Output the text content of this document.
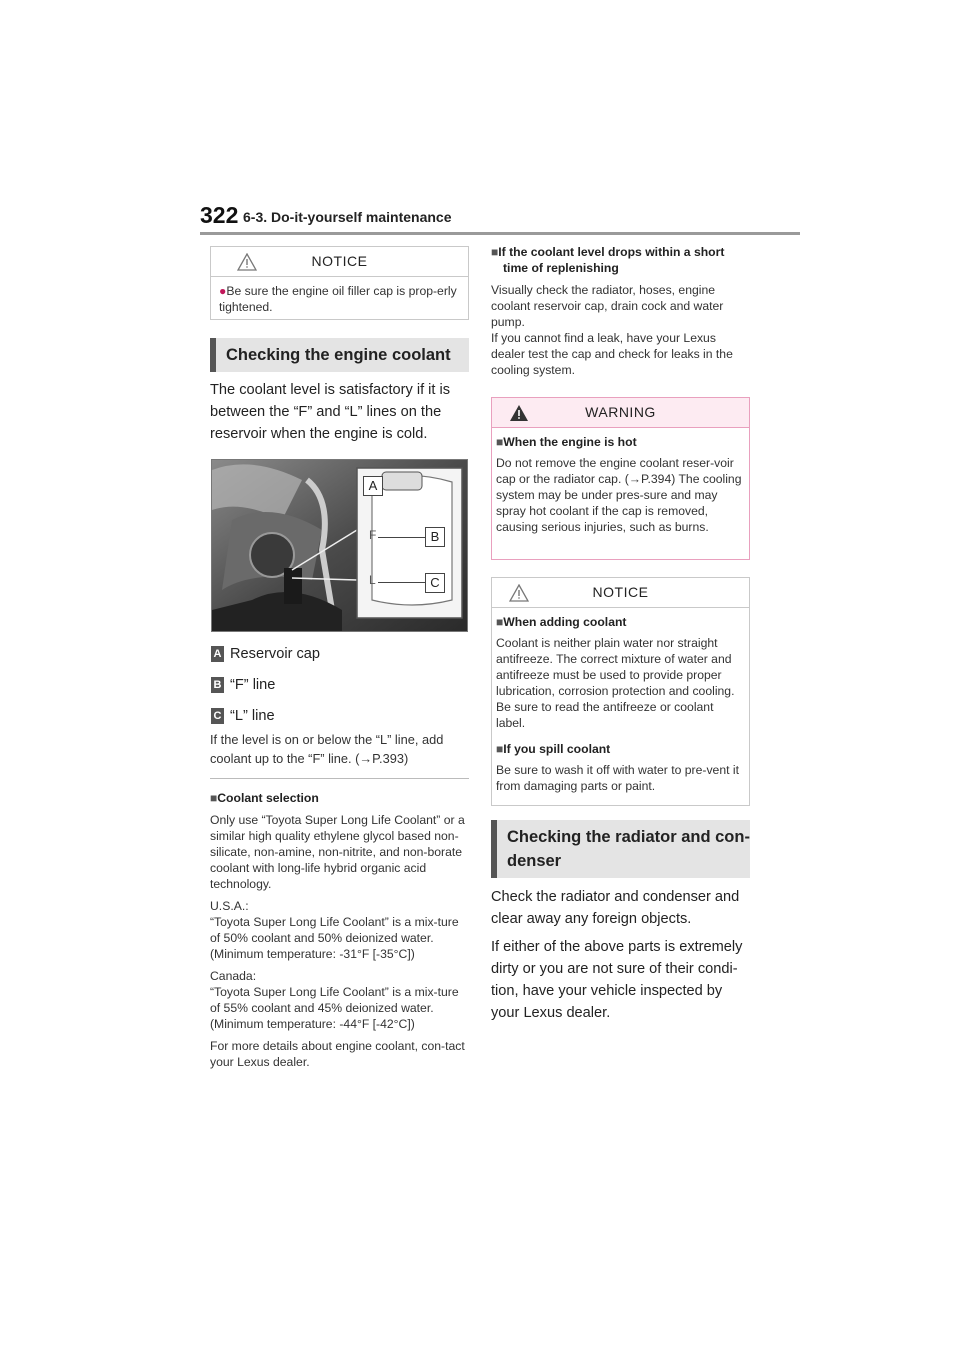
322 6-3. Do-it-yourself maintenance
NOTICE
●Be sure the engine oil filler cap is prop-erly tightened.
Checking the engine coolant
The coolant level is satisfactory if it is between the “F” and “L” lines on the reservoir when the engine is cold.
A
B
C
F
L
A Reservoir cap
B “F” line
C “L” line
If the level is on or below the “L” line, add coolant up to the “F” line. (→P.393)
■Coolant selection
Only use “Toyota Super Long Life Coolant” or a similar high quality ethylene glycol based non-silicate, non-amine, non-nitrite, and non-borate coolant with long-life hybrid organic acid technology.
U.S.A.:
“Toyota Super Long Life Coolant” is a mix-ture of 50% coolant and 50% deionized water. (Minimum temperature: -31°F [-35°C])
Canada:
“Toyota Super Long Life Coolant” is a mix-ture of 55% coolant and 45% deionized water. (Minimum temperature: -44°F [-42°C])
For more details about engine coolant, con-tact your Lexus dealer.
■If the coolant level drops within a short time of replenishing
Visually check the radiator, hoses, engine coolant reservoir cap, drain cock and water pump.
If you cannot find a leak, have your Lexus dealer test the cap and check for leaks in the cooling system.
WARNING
■When the engine is hot
Do not remove the engine coolant reser-voir cap or the radiator cap. (→P.394) The cooling system may be under pres-sure and may spray hot coolant if the cap is removed, causing serious injuries, such as burns.
NOTICE
■When adding coolant
Coolant is neither plain water nor straight antifreeze. The correct mixture of water and antifreeze must be used to provide proper lubrication, corrosion protection and cooling. Be sure to read the antifreeze or coolant label.
■If you spill coolant
Be sure to wash it off with water to pre-vent it from damaging parts or paint.
Checking the radiator and con-denser
Check the radiator and condenser and clear away any foreign objects.
If either of the above parts is extremely dirty or you are not sure of their condi-tion, have your vehicle inspected by your Lexus dealer.
